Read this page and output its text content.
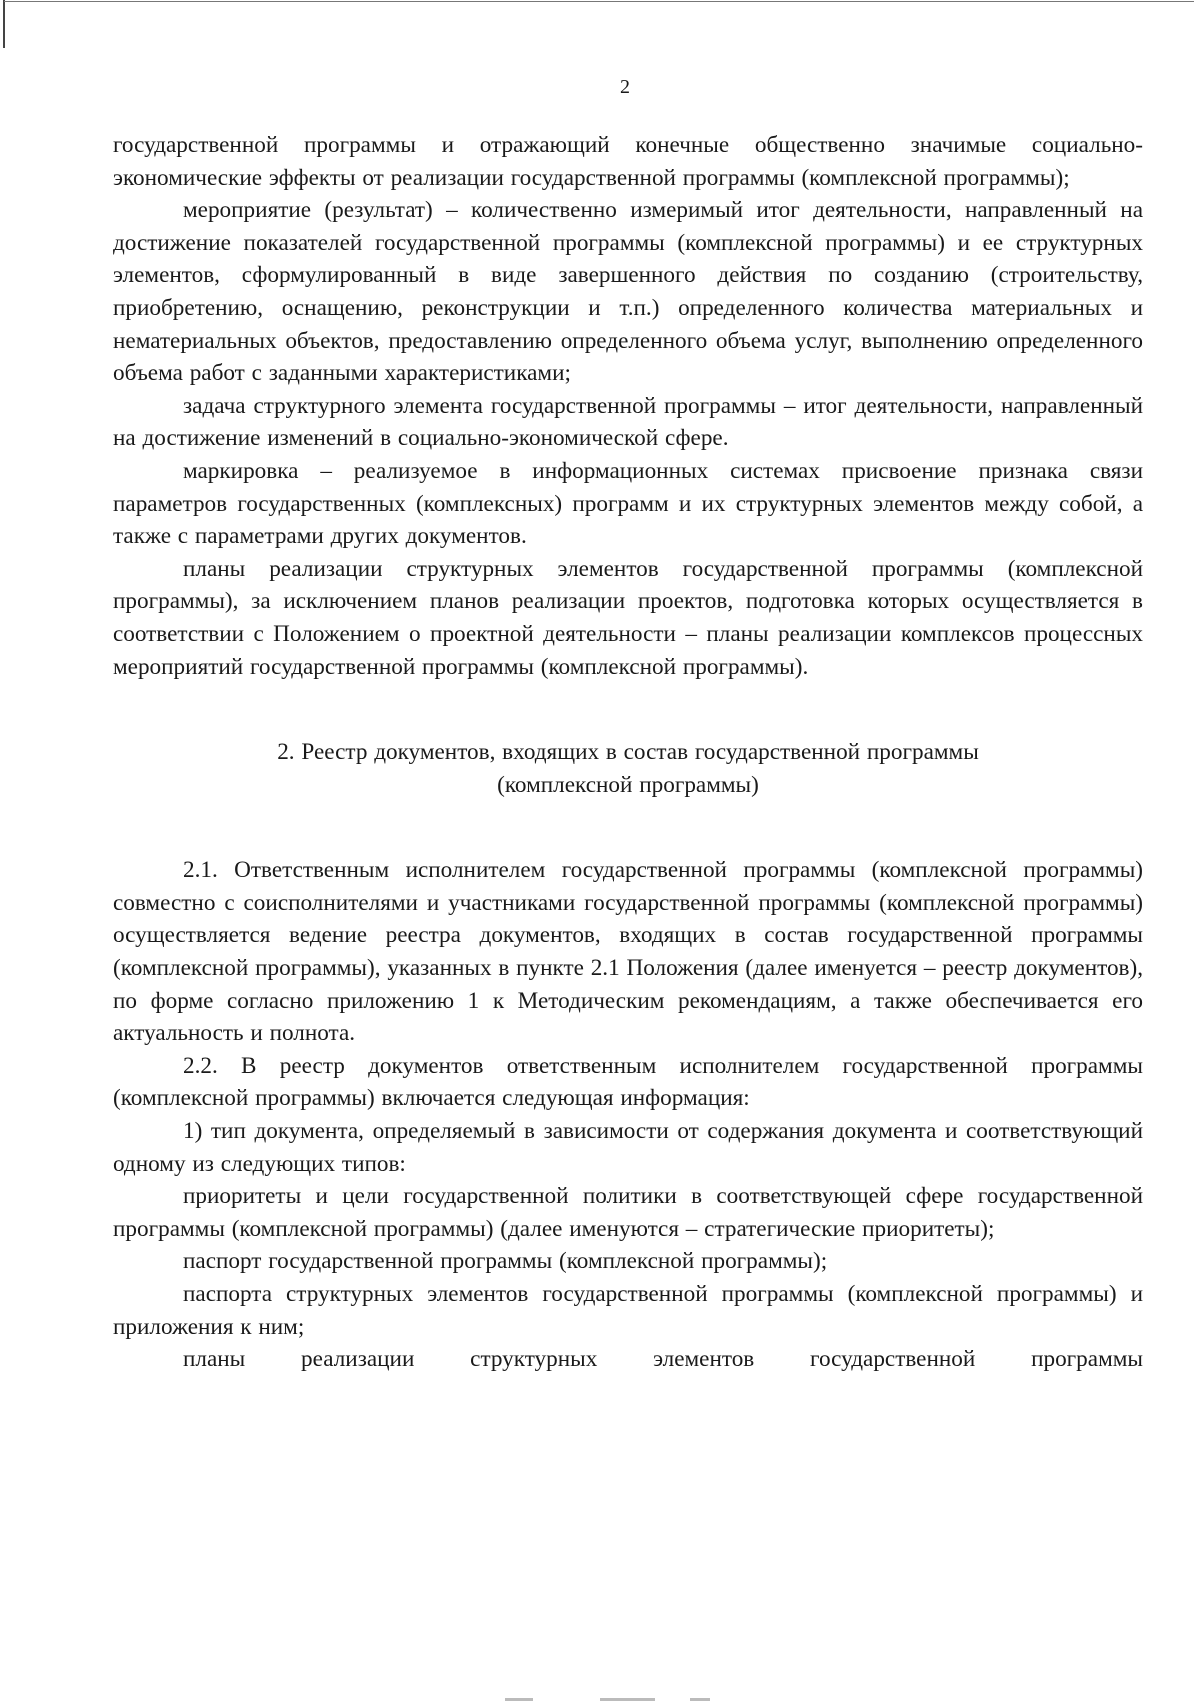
2

государственной программы и отражающий конечные общественно значимые социально-экономические эффекты от реализации государственной программы (комплексной программы);

мероприятие (результат) – количественно измеримый итог деятельности, направленный на достижение показателей государственной программы (комплексной программы) и ее структурных элементов, сформулированный в виде завершенного действия по созданию (строительству, приобретению, оснащению, реконструкции и т.п.) определенного количества материальных и нематериальных объектов, предоставлению определенного объема услуг, выполнению определенного объема работ с заданными характеристиками;

задача структурного элемента государственной программы – итог деятельности, направленный на достижение изменений в социально-экономической сфере.

маркировка – реализуемое в информационных системах присвоение признака связи параметров государственных (комплексных) программ и их структурных элементов между собой, а также с параметрами других документов.

планы реализации структурных элементов государственной программы (комплексной программы), за исключением планов реализации проектов, подготовка которых осуществляется в соответствии с Положением о проектной деятельности – планы реализации комплексов процессных мероприятий государственной программы (комплексной программы).

2. Реестр документов, входящих в состав государственной программы
(комплексной программы)

2.1. Ответственным исполнителем государственной программы (комплексной программы) совместно с соисполнителями и участниками государственной программы (комплексной программы) осуществляется ведение реестра документов, входящих в состав государственной программы (комплексной программы), указанных в пункте 2.1 Положения (далее именуется – реестр документов), по форме согласно приложению 1 к Методическим рекомендациям, а также обеспечивается его актуальность и полнота.

2.2. В реестр документов ответственным исполнителем государственной программы (комплексной программы) включается следующая информация:

1) тип документа, определяемый в зависимости от содержания документа и соответствующий одному из следующих типов:

приоритеты и цели государственной политики в соответствующей сфере государственной программы (комплексной программы) (далее именуются – стратегические приоритеты);

паспорт государственной программы (комплексной программы);

паспорта структурных элементов государственной программы (комплексной программы) и приложения к ним;

планы реализации структурных элементов государственной программы
